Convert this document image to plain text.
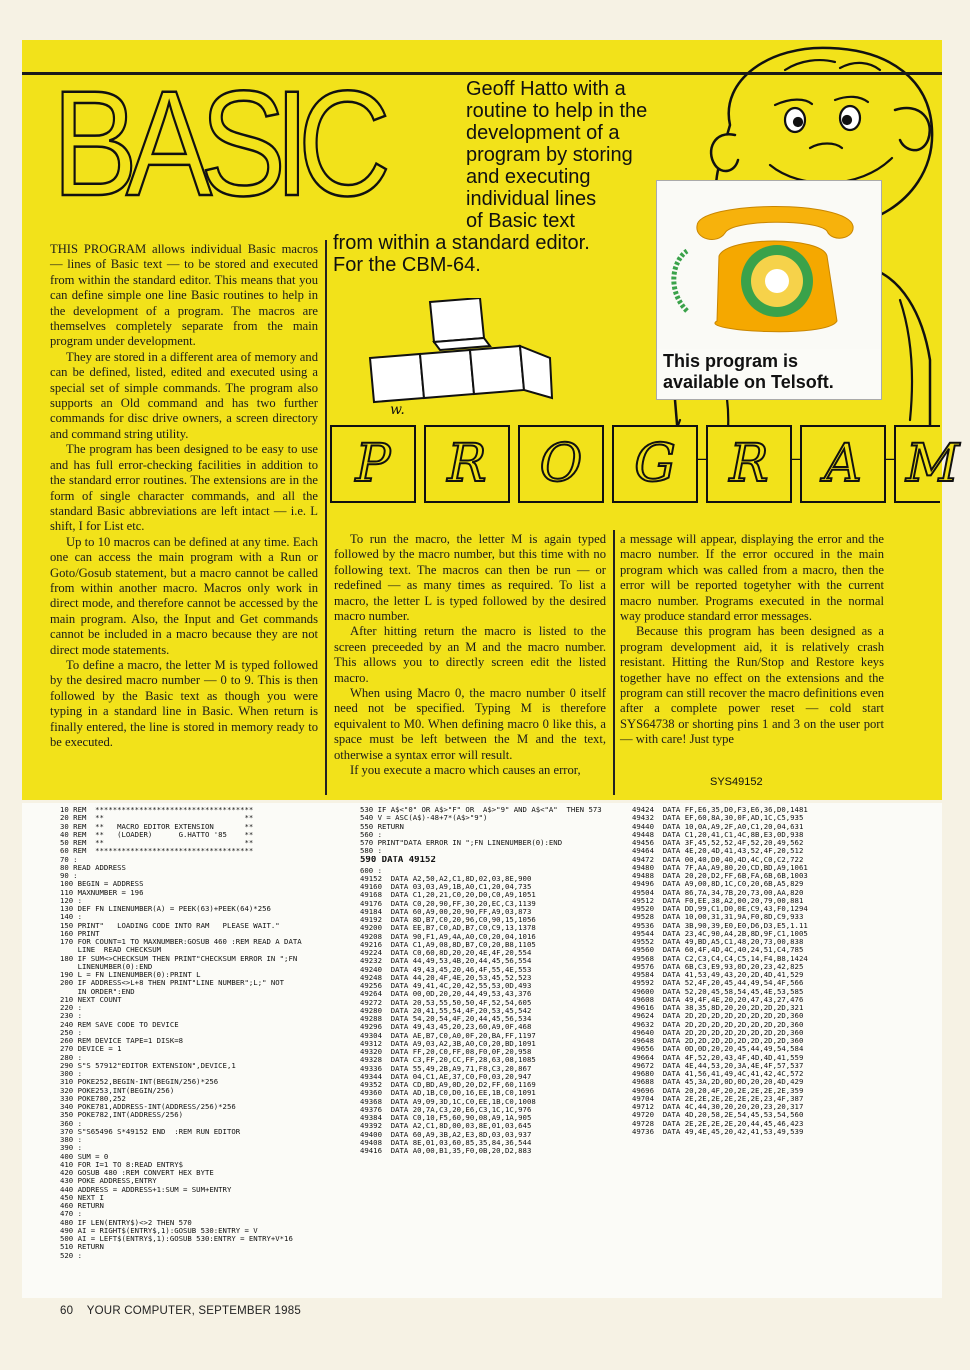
BASIC	Geoff Hatto with a
routine to help in the
development of a
program by storing
and executing
individual lines
of Basic text
from within a standard editor.
For the CBM-64.
This program is
available on Telsoft.
w.
P	R	O G	R	A M

THIS PROGRAM allows individual Basic macros — lines of Basic text — to be stored and executed from within the standard editor. This means that you can define simple one line Basic routines to help in the development of a program. The macros are themselves completely separate from the main program under development.

They are stored in a different area of memory and can be defined, listed, edited and executed using a special set of simple commands. The program also supports an Old command and has two further commands for disc drive owners, a screen directory and command string utility.

The program has been designed to be easy to use and has full error-checking facilities in addition to the standard error routines. The extensions are in the form of single character commands, and all the standard Basic abbreviations are left intact — i.e. L shift, I for List etc.

Up to 10 macros can be defined at any time. Each one can access the main program with a Run or Goto/Gosub statement, but a macro cannot be called from within another macro. Macros only work in direct mode, and therefore cannot be accessed by the main program. Also, the Input and Get commands cannot be included in a macro because they are not direct mode statements.

To define a macro, the letter M is typed followed by the desired macro number — 0 to 9. This is then followed by the Basic text as though you were typing in a standard line in Basic. When return is finally entered, the line is stored in memory ready to be executed.

To run the macro, the letter M is again typed followed by the macro number, but this time with no following text. The macros can then be run — or redefined — as many times as required. To list a macro, the letter L is typed followed by the desired macro number.

After hitting return the macro is listed to the screen preceeded by an M and the macro number. This allows you to directly screen edit the listed macro.

When using Macro 0, the macro number 0 itself need not be specified. Typing M is therefore equivalent to M0. When defining macro 0 like this, a space must be left between the M and the text, otherwise a syntax error will result.

If you execute a macro which causes an error,

a message will appear, displaying the error and the macro number. If the error occured in the main program which was called from a macro, then the error will be reported togetyher with the current macro number. Programs executed in the normal way produce standard error messages.

Because this program has been designed as a program development aid, it is relatively crash resistant. Hitting the Run/Stop and Restore keys together have no effect on the extensions and the program can still recover the macro definitions even after a complete power reset — cold start SYS64738 or shorting pins 1 and 3 on the user port — with care! Just type

SYS49152
10 REM  ************************************
20 REM  **                                **
30 REM  **   MACRO EDITOR EXTENSION       **
40 REM  **   (LOADER)      G.HATTO '85    **
50 REM  **                                **
60 REM  ************************************
70 :
80 READ ADDRESS
90 :
100 BEGIN = ADDRESS
110 MAXNUMBER = 196
120 :
130 DEF FN LINENUMBER(A) = PEEK(63)+PEEK(64)*256
140 :
150 PRINT"   LOADING CODE INTO RAM   PLEASE WAIT."
160 PRINT
170 FOR COUNT=1 TO MAXNUMBER:GOSUB 460 :REM READ A DATA
LINE  READ CHECKSUM
180 IF SUM<>CHECKSUM THEN PRINT"CHECKSUM ERROR IN ";FN
LINENUMBER(0):END
190 L = FN LINENUMBER(0):PRINT L
200 IF ADDRESS<>L+8 THEN PRINT"LINE NUMBER";L;" NOT
IN ORDER":END
210 NEXT COUNT
220 :
230 :
240 REM SAVE CODE TO DEVICE
250 :
260 REM DEVICE TAPE=1 DISK=8
270 DEVICE = 1
280 :
290 S"S 57912"EDITOR EXTENSION",DEVICE,1
300 :
310 POKE252,BEGIN-INT(BEGIN/256)*256
320 POKE253,INT(BEGIN/256)
330 POKE780,252
340 POKE781,ADDRESS-INT(ADDRESS/256)*256
350 POKE782,INT(ADDRESS/256)
360 :
370 S"S65496 S*49152 END  :REM RUN EDITOR
380 :
390 :
400 SUM = 0
410 FOR I=1 TO 8:READ ENTRY$
420 GOSUB 480 :REM CONVERT HEX BYTE
430 POKE ADDRESS,ENTRY
440 ADDRESS = ADDRESS+1:SUM = SUM+ENTRY
450 NEXT I
460 RETURN
470 :
480 IF LEN(ENTRY$)<>2 THEN 570
490 AI = RIGHT$(ENTRY$,1):GOSUB 530:ENTRY = V
500 AI = LEFT$(ENTRY$,1):GOSUB 530:ENTRY = ENTRY+V*16
510 RETURN
520 :
530 IF A$<"0" OR A$>"F" OR  A$>"9" AND A$<"A"  THEN 573
540 V = ASC(A$)-48+7*(A$>"9")
550 RETURN
560 :
570 PRINT"DATA ERROR IN ";FN LINENUMBER(0):END
580 :
590 DATA 49152
600 :
49152  DATA A2,50,A2,C1,8D,02,03,8E,900
49160  DATA 03,03,A9,1B,A0,C1,20,04,735
49168  DATA C1,20,21,C0,20,D0,C0,A9,1051
49176  DATA C0,20,90,FF,30,20,EC,C3,1139
49184  DATA 60,A9,00,20,90,FF,A9,03,873
49192  DATA 8D,B7,C0,20,96,C0,90,15,1056
49200  DATA EE,B7,C0,AD,B7,C0,C9,13,1378
49208  DATA 90,F1,A9,4A,A0,C0,20,04,1016
49216  DATA C1,A9,08,8D,B7,C0,20,B8,1105
49224  DATA C0,60,8D,20,20,4E,4F,20,554
49232  DATA 44,49,53,4B,20,44,45,56,554
49240  DATA 49,43,45,20,46,4F,55,4E,553
49248  DATA 44,20,4F,4E,20,53,45,52,523
49256  DATA 49,41,4C,20,42,55,53,0D,493
49264  DATA 00,0D,20,20,44,49,53,43,376
49272  DATA 20,53,55,50,50,4F,52,54,605
49280  DATA 20,41,55,54,4F,20,53,45,542
49288  DATA 54,20,54,4F,20,44,45,56,534
49296  DATA 49,43,45,20,23,60,A9,0F,468
49304  DATA AE,B7,C0,A0,0F,20,BA,FF,1197
49312  DATA A9,03,A2,3B,A0,C0,20,BD,1091
49320  DATA FF,20,C0,FF,08,F0,0F,20,958
49328  DATA C3,FF,20,CC,FF,28,63,08,1085
49336  DATA 55,49,2B,A9,71,F8,C3,20,867
49344  DATA 04,C1,AE,37,C0,F0,03,20,947
49352  DATA CD,BD,A9,0D,20,D2,FF,60,1169
49360  DATA AD,1B,C0,D0,16,EE,1B,C0,1091
49368  DATA A9,09,3D,1C,C0,EE,1B,C0,1008
49376  DATA 20,7A,C3,20,E6,C3,1C,1C,976
49384  DATA C0,10,F5,60,90,08,A9,1A,905
49392  DATA A2,C1,8D,00,03,8E,01,03,645
49400  DATA 60,A9,3B,A2,E3,8D,03,03,937
49408  DATA 8E,01,03,60,85,35,84,36,544
49416  DATA A0,00,B1,35,F0,0B,20,D2,883
49424  DATA FF,E6,35,D0,F3,E6,36,D0,1481
49432  DATA EF,60,8A,30,0F,AD,1C,C5,935
49440  DATA 10,0A,A9,2F,A0,C1,20,04,631
49448  DATA C1,20,41,C1,4C,8B,E3,0D,938
49456  DATA 3F,45,52,52,4F,52,20,49,562
49464  DATA 4E,20,4D,41,43,52,4F,20,512
49472  DATA 00,40,D0,40,4D,4C,C0,C2,722
49480  DATA 7F,AA,A9,80,20,CD,BD,A9,1061
49488  DATA 20,20,D2,FF,6B,FA,6B,6B,1003
49496  DATA A9,00,8D,1C,C0,20,6B,A5,829
49504  DATA 86,7A,34,7B,20,73,00,AA,820
49512  DATA F0,EE,38,A2,00,20,79,00,881
49520  DATA DD,99,C1,D0,0E,C9,43,F0,1294
49528  DATA 10,00,31,31,9A,F0,8D,C9,933
49536  DATA 3B,90,39,E0,E0,D6,D3,E5,1.11
49544  DATA 23,4C,90,A4,2B,8D,9F,C1,1005
49552  DATA 49,BD,A5,C1,48,20,73,00,838
49560  DATA 60,4F,4D,4C,40,24,51,C4,785
49568  DATA C2,C3,C4,C4,C5,14,F4,B8,1424
49576  DATA 6B,C3,E9,93,0D,20,23,42,825
49584  DATA 41,53,49,43,20,2D,4D,41,529
49592  DATA 52,4F,20,45,44,49,54,4F,566
49600  DATA 52,20,45,58,54,45,4E,53,585
49608  DATA 49,4F,4E,20,20,47,43,27,476
49616  DATA 38,35,8D,20,20,2D,2D,2D,321
49624  DATA 2D,2D,2D,2D,2D,2D,2D,2D,360
49632  DATA 2D,2D,2D,2D,2D,2D,2D,2D,360
49640  DATA 2D,2D,2D,2D,2D,2D,2D,2D,360
49648  DATA 2D,2D,2D,2D,2D,2D,2D,2D,360
49656  DATA 0D,0D,20,20,45,44,49,54,584
49664  DATA 4F,52,20,43,4F,4D,4D,41,559
49672  DATA 4E,44,53,20,3A,4E,4F,57,537
49680  DATA 41,56,41,49,4C,41,42,4C,572
49688  DATA 45,3A,2D,0D,0D,20,20,4D,429
49696  DATA 20,20,4F,20,2E,2E,2E,2E,359
49704  DATA 2E,2E,2E,2E,2E,2E,23,4F,387
49712  DATA 4C,44,30,20,20,20,23,20,317
49720  DATA 4D,20,58,2E,54,45,53,54,560
49728  DATA 2E,2E,2E,2E,20,44,45,46,423
49736  DATA 49,4E,45,20,42,41,53,49,539
60 YOUR COMPUTER, SEPTEMBER 1985
